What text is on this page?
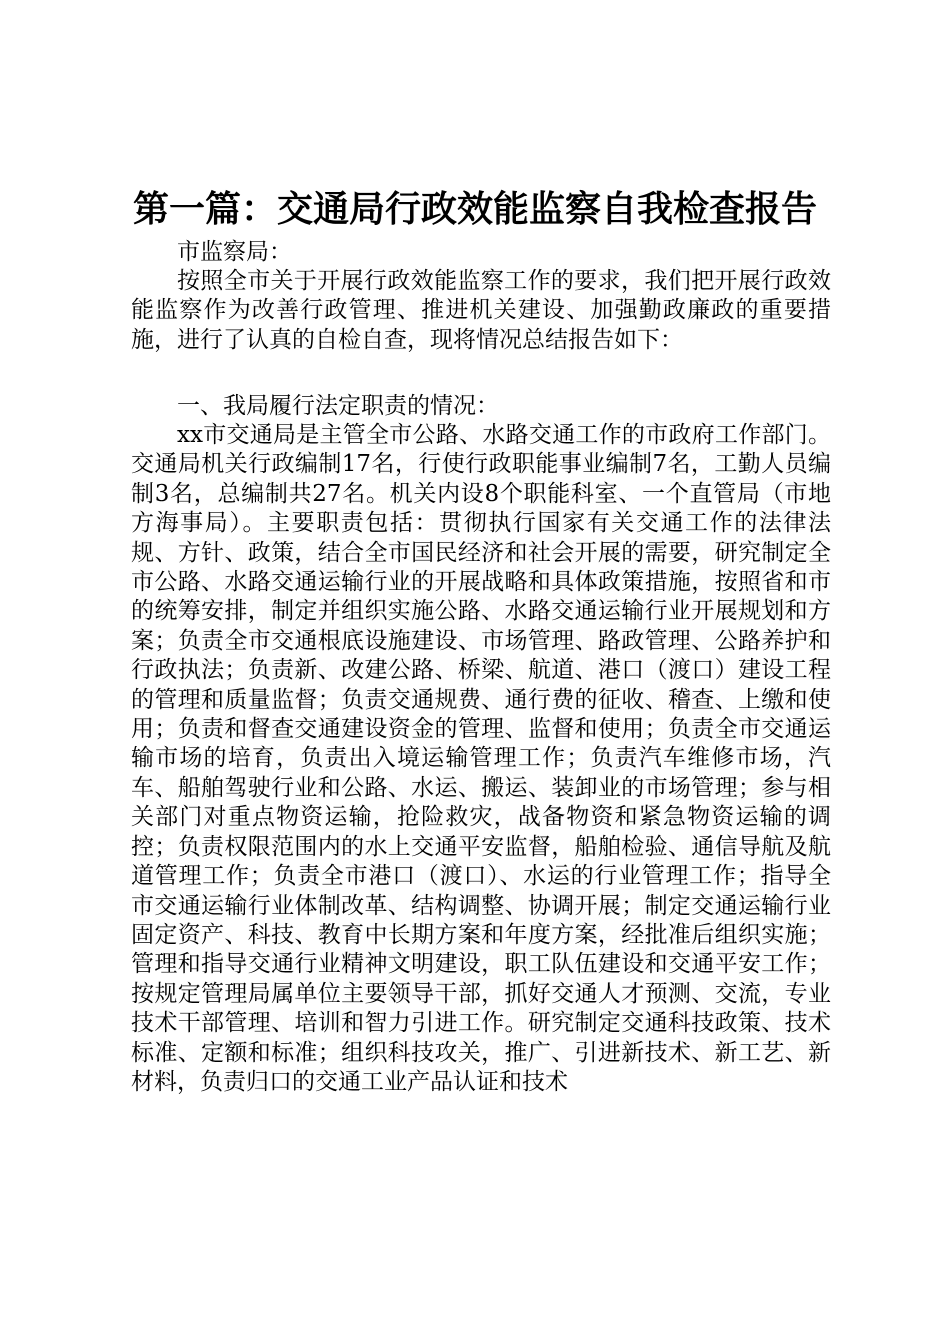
第一篇：交通局行政效能监察自我检查报告
市监察局：
按照全市关于开展行政效能监察工作的要求，我们把开展行政效能监察作为改善行政管理、推进机关建设、加强勤政廉政的重要措施，进行了认真的自检自查，现将情况总结报告如下：
一、我局履行法定职责的情况：
xx市交通局是主管全市公路、水路交通工作的市政府工作部门。交通局机关行政编制17名，行使行政职能事业编制7名，工勤人员编制3名，总编制共27名。机关内设8个职能科室、一个直管局（市地方海事局）。主要职责包括：贯彻执行国家有关交通工作的法律法规、方针、政策，结合全市国民经济和社会开展的需要，研究制定全市公路、水路交通运输行业的开展战略和具体政策措施，按照省和市的统筹安排，制定并组织实施公路、水路交通运输行业开展规划和方案；负责全市交通根底设施建设、市场管理、路政管理、公路养护和行政执法；负责新、改建公路、桥梁、航道、港口（渡口）建设工程的管理和质量监督；负责交通规费、通行费的征收、稽查、上缴和使用；负责和督查交通建设资金的管理、监督和使用；负责全市交通运输市场的培育，负责出入境运输管理工作；负责汽车维修市场，汽车、船舶驾驶行业和公路、水运、搬运、装卸业的市场管理；参与相关部门对重点物资运输，抢险救灾，战备物资和紧急物资运输的调控；负责权限范围内的水上交通平安监督，船舶检验、通信导航及航道管理工作；负责全市港口（渡口）、水运的行业管理工作；指导全市交通运输行业体制改革、结构调整、协调开展；制定交通运输行业固定资产、科技、教育中长期方案和年度方案，经批准后组织实施；管理和指导交通行业精神文明建设，职工队伍建设和交通平安工作；按规定管理局属单位主要领导干部，抓好交通人才预测、交流，专业技术干部管理、培训和智力引进工作。研究制定交通科技政策、技术标准、定额和标准；组织科技攻关，推广、引进新技术、新工艺、新材料，负责归口的交通工业产品认证和技术
